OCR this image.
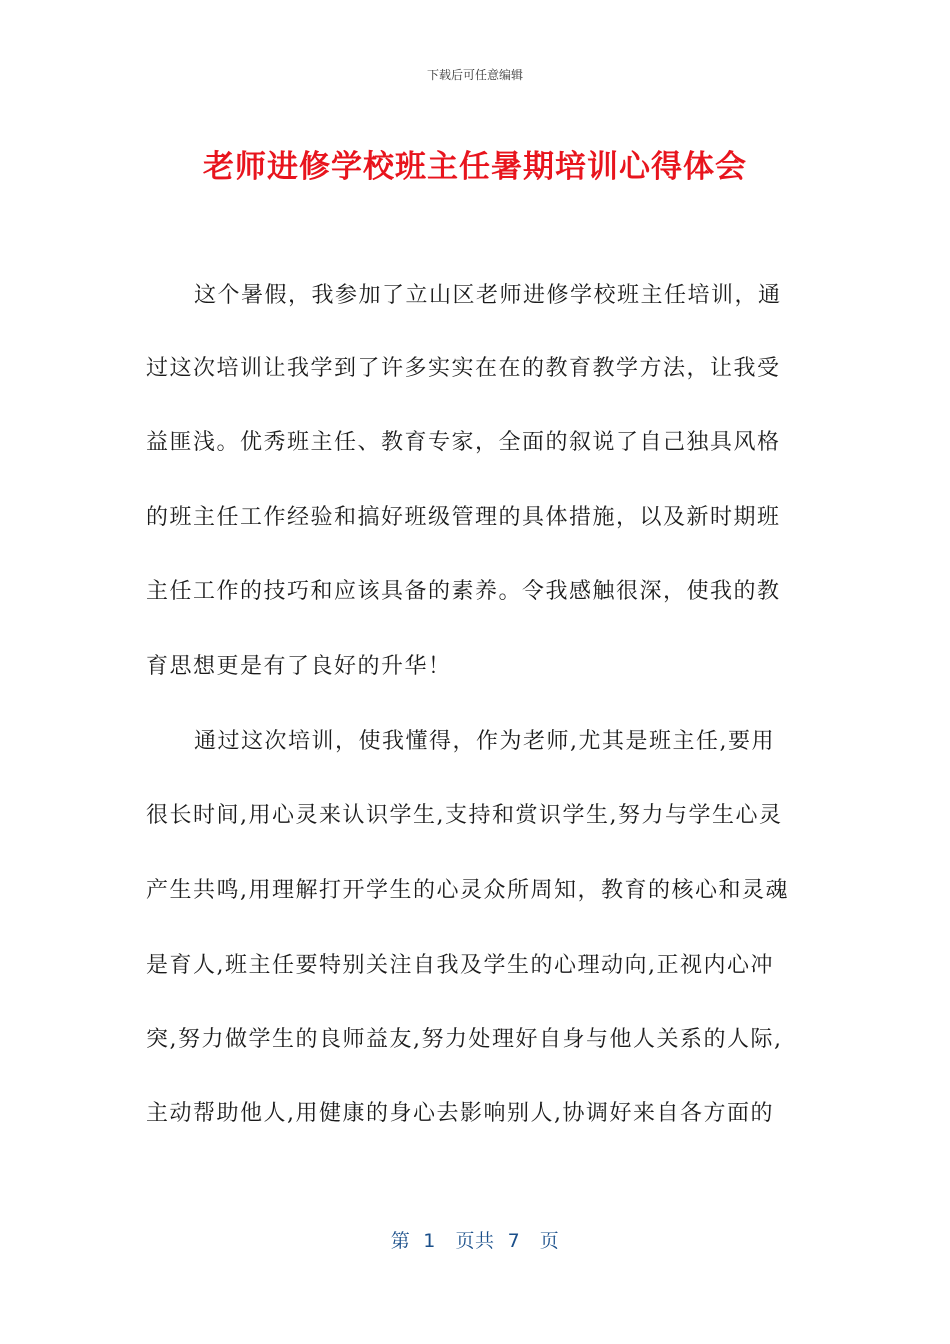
下载后可任意编辑
老师进修学校班主任暑期培训心得体会
这个暑假，我参加了立山区老师进修学校班主任培训，通
过这次培训让我学到了许多实实在在的教育教学方法，让我受
益匪浅。优秀班主任、教育专家，全面的叙说了自己独具风格
的班主任工作经验和搞好班级管理的具体措施，以及新时期班
主任工作的技巧和应该具备的素养。令我感触很深，使我的教
育思想更是有了良好的升华！
通过这次培训，使我懂得，作为老师,尤其是班主任,要用
很长时间,用心灵来认识学生,支持和赏识学生,努力与学生心灵
产生共鸣,用理解打开学生的心灵众所周知，教育的核心和灵魂
是育人,班主任要特别关注自我及学生的心理动向,正视内心冲
突,努力做学生的良师益友,努力处理好自身与他人关系的人际,
主动帮助他人,用健康的身心去影响别人,协调好来自各方面的
第  1   页共  7   页
